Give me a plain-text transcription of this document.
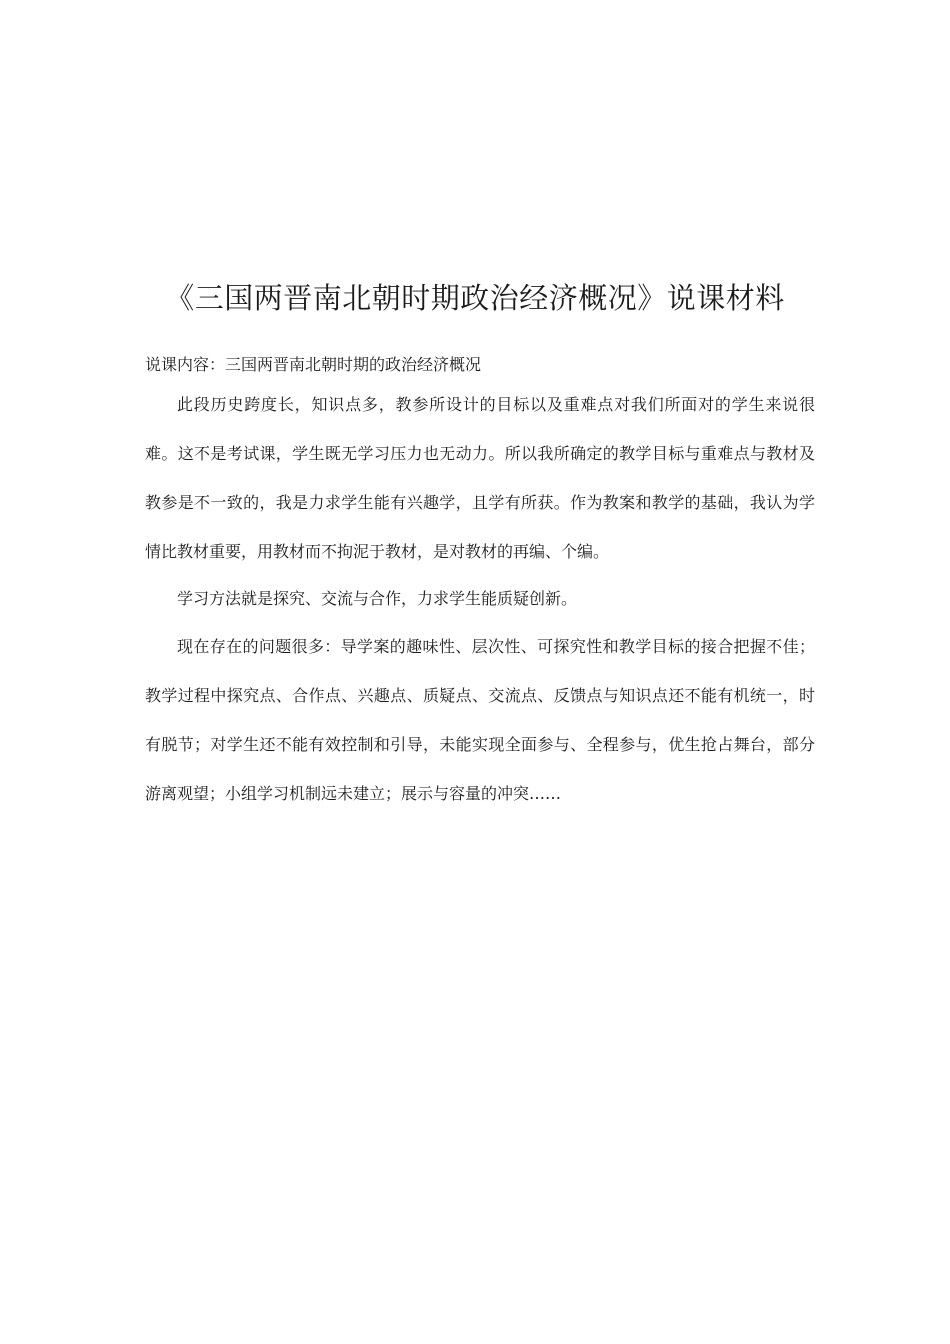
《三国两晋南北朝时期政治经济概况》说课材料
说课内容：三国两晋南北朝时期的政治经济概况

此段历史跨度长，知识点多，教参所设计的目标以及重难点对我们所面对的学生来说很难。这不是考试课，学生既无学习压力也无动力。所以我所确定的教学目标与重难点与教材及教参是不一致的，我是力求学生能有兴趣学，且学有所获。作为教案和教学的基础，我认为学情比教材重要，用教材而不拘泥于教材，是对教材的再编、个编。

学习方法就是探究、交流与合作，力求学生能质疑创新。

现在存在的问题很多：导学案的趣味性、层次性、可探究性和教学目标的接合把握不佳；教学过程中探究点、合作点、兴趣点、质疑点、交流点、反馈点与知识点还不能有机统一，时有脱节；对学生还不能有效控制和引导，未能实现全面参与、全程参与，优生抢占舞台，部分游离观望；小组学习机制远未建立；展示与容量的冲突……
